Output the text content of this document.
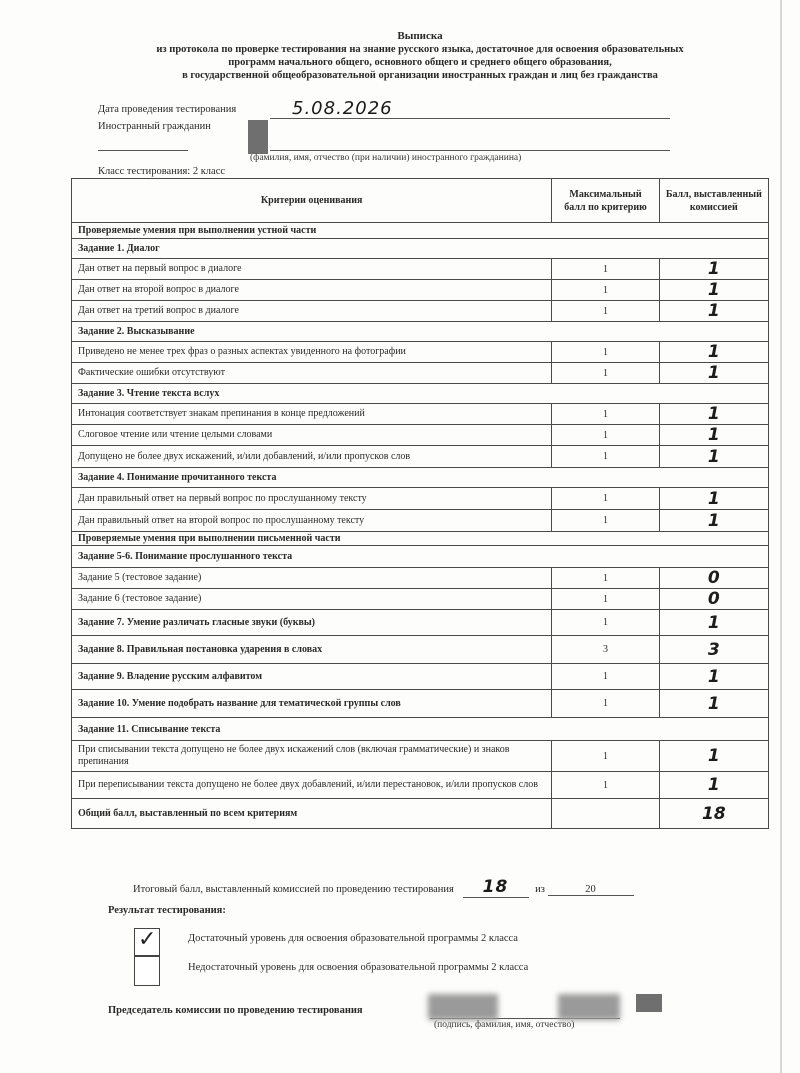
Выписка
из протокола по проверке тестирования на знание русского языка, достаточное для освоения образовательных
программ начального общего, основного общего и среднего общего образования,
в государственной общеобразовательной организации иностранных граждан и лиц без гражданства
Дата проведения тестирования	5.08.2026
Иностранный гражданин
(фамилия, имя, отчество (при наличии) иностранного гражданина)
Класс тестирования: 2 класс
Критерии оценивания	Максимальный балл по критерию	Балл, выставленный комиссией
Проверяемые умения при выполнении устной части		
Задание 1. Диалог		
Дан ответ на первый вопрос в диалоге	1	1
Дан ответ на второй вопрос в диалоге	1	1
Дан ответ на третий вопрос в диалоге	1	1
Задание 2. Высказывание		
Приведено не менее трех фраз о разных аспектах увиденного на фотографии	1	1
Фактические ошибки отсутствуют	1	1
Задание 3. Чтение текста вслух		
Интонация соответствует знакам препинания в конце предложений	1	1
Слоговое чтение или чтение целыми словами	1	1
Допущено не более двух искажений, и/или добавлений, и/или пропусков слов	1	1
Задание 4. Понимание прочитанного текста		
Дан правильный ответ на первый вопрос по прослушанному тексту	1	1
Дан правильный ответ на второй вопрос по прослушанному тексту	1	1
Проверяемые умения при выполнении письменной части		
Задание 5-6. Понимание прослушанного текста		
Задание 5 (тестовое задание)	1	0
Задание 6 (тестовое задание)	1	0
Задание 7. Умение различать гласные звуки (буквы)	1	1
Задание 8. Правильная постановка ударения в словах	3	3
Задание 9. Владение русским алфавитом	1	1
Задание 10. Умение подобрать название для тематической группы слов	1	1
Задание 11. Списывание текста		
При списывании текста допущено не более двух искажений слов (включая грамматические) и знаков препинания	1	1
При переписывании текста допущено не более двух добавлений, и/или перестановок, и/или пропусков слов	1	1
Общий балл, выставленный по всем критериям		18
Итоговый балл, выставленный комиссией по проведению тестирования 18	из	20
Результат тестирования:
✓	Достаточный уровень для освоения образовательной программы 2 класса
Недостаточный уровень для освоения образовательной программы 2 класса
Председатель комиссии по проведению тестирования
(подпись, фамилия, имя, отчество)
